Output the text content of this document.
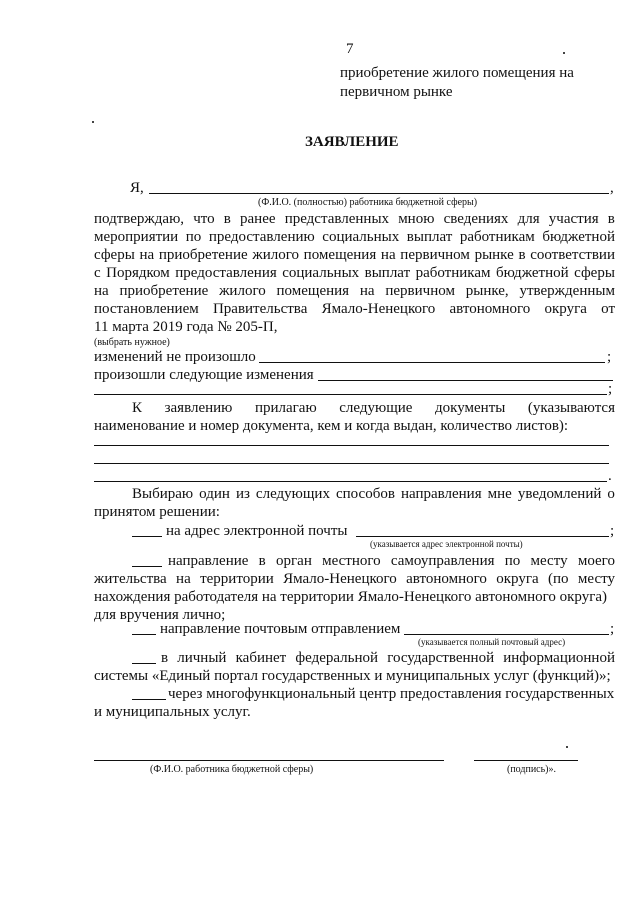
7
приобретение жилого помещения на
первичном рынке
ЗАЯВЛЕНИЕ
Я,	,
(Ф.И.О. (полностью) работника бюджетной сферы)
подтверждаю, что в ранее представленных мною сведениях для участия в
мероприятии по предоставлению социальных выплат работникам бюджетной
сферы на приобретение жилого помещения на первичном рынке в соответствии
с Порядком предоставления социальных выплат работникам бюджетной сферы
на приобретение жилого помещения на первичном рынке, утвержденным
постановлением Правительства Ямало-Ненецкого автономного округа от
11 марта 2019 года № 205-П,
(выбрать нужное)
изменений не произошло	;
произошли следующие изменения
;
К заявлению прилагаю следующие документы (указываются
наименование и номер документа, кем и когда выдан, количество листов):
.
Выбираю один из следующих способов направления мне уведомлений о
принятом решении:
на адрес электронной почты	;
(указывается адрес электронной почты)
направление в орган местного самоуправления по месту моего
жительства на территории Ямало-Ненецкого автономного округа (по месту
нахождения работодателя на территории Ямало-Ненецкого автономного округа)
для вручения лично;
направление почтовым отправлением	;
(указывается полный почтовый адрес)
в личный кабинет федеральной государственной информационной
системы «Единый портал государственных и муниципальных услуг (функций)»;
через многофункциональный центр предоставления государственных
и муниципальных услуг.
(Ф.И.О. работника бюджетной сферы)	(подпись)».
